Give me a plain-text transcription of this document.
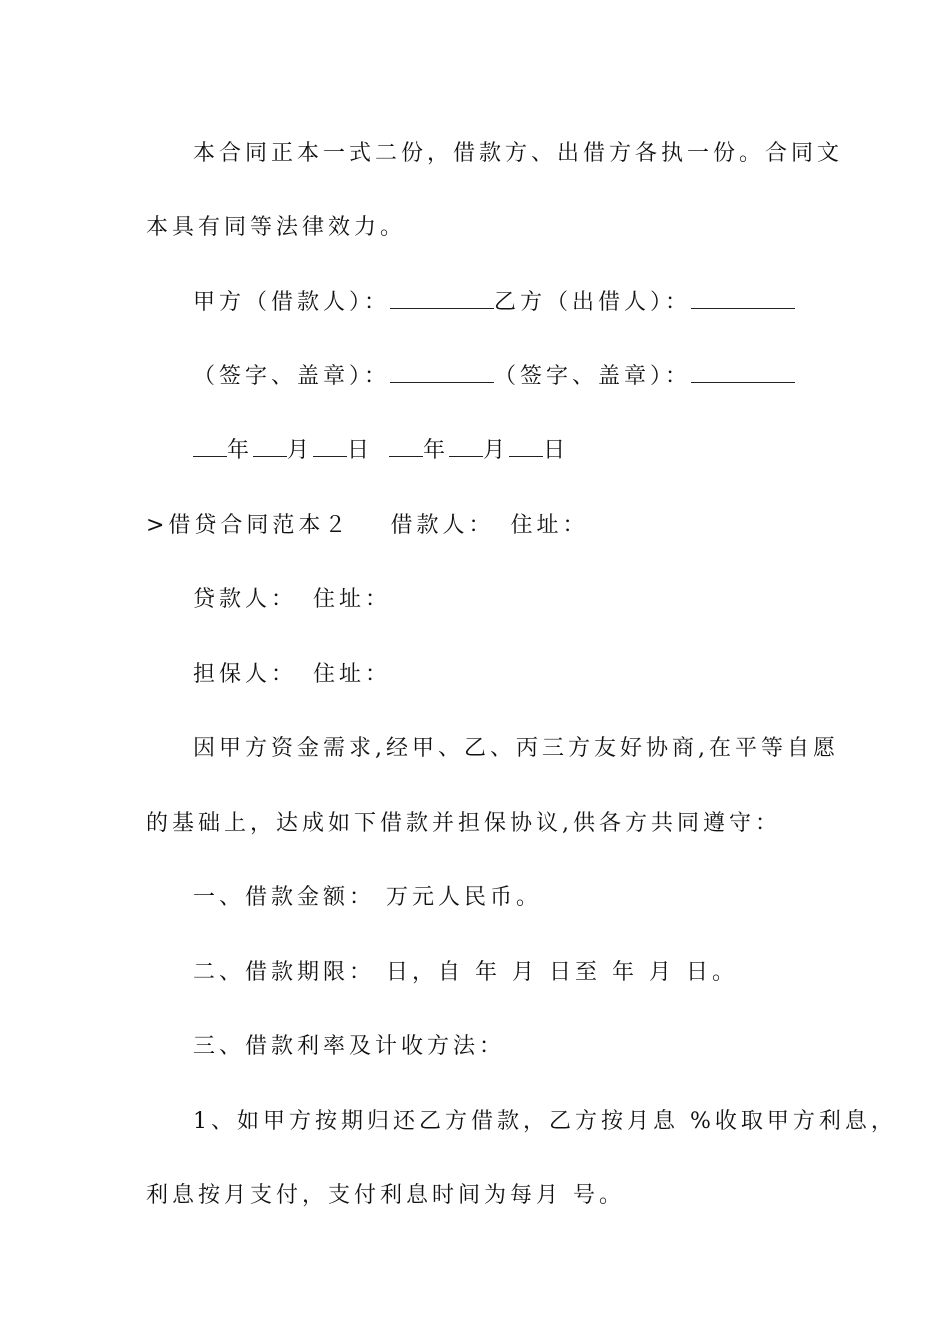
本合同正本一式二份，借款方、出借方各执一份。合同文
本具有同等法律效力。
甲方（借款人）：	乙方（出借人）：
（签字、盖章）：	（签字、盖章）：
年 月 日 年 月 日
>借贷合同范本２ 借款人： 住址：
贷款人： 住址：
担保人： 住址：
因甲方资金需求,经甲、乙、丙三方友好协商,在平等自愿
的基础上，达成如下借款并担保协议,供各方共同遵守：
一、借款金额： 万元人民币。
二、借款期限： 日，自 年 月 日至 年 月 日。
三、借款利率及计收方法：
1、如甲方按期归还乙方借款，乙方按月息 %收取甲方利息，
利息按月支付，支付利息时间为每月 号。
